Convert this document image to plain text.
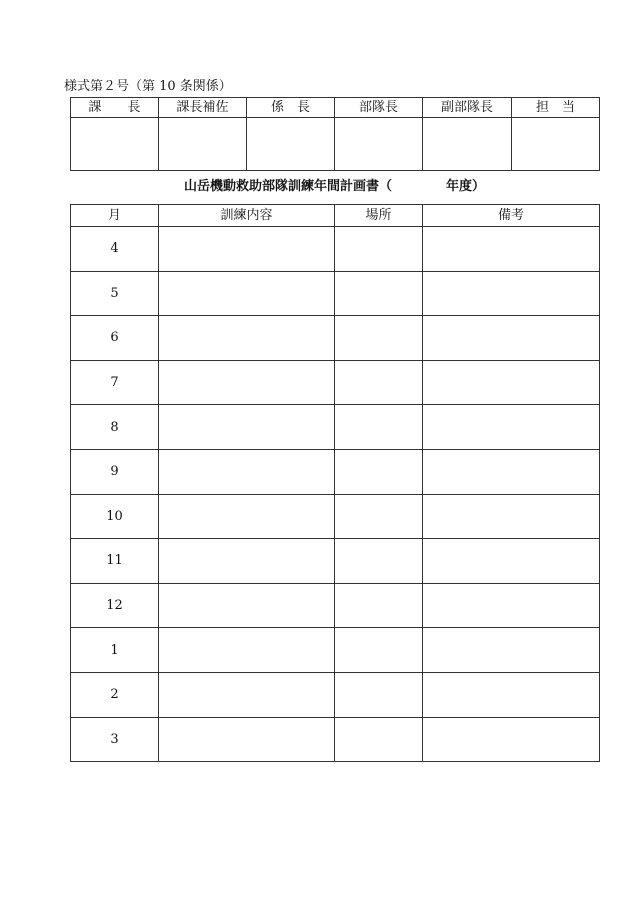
様式第２号（第 10 条関係）
課　　長	課長補佐	係　長	部隊長	副部隊長	担　当

山岳機動救助部隊訓練年間計画書（	年度）
月	訓練内容	場所	備考
4			
5			
6			
7			
8			
9			
10			
11			
12			
1			
2			
3			
